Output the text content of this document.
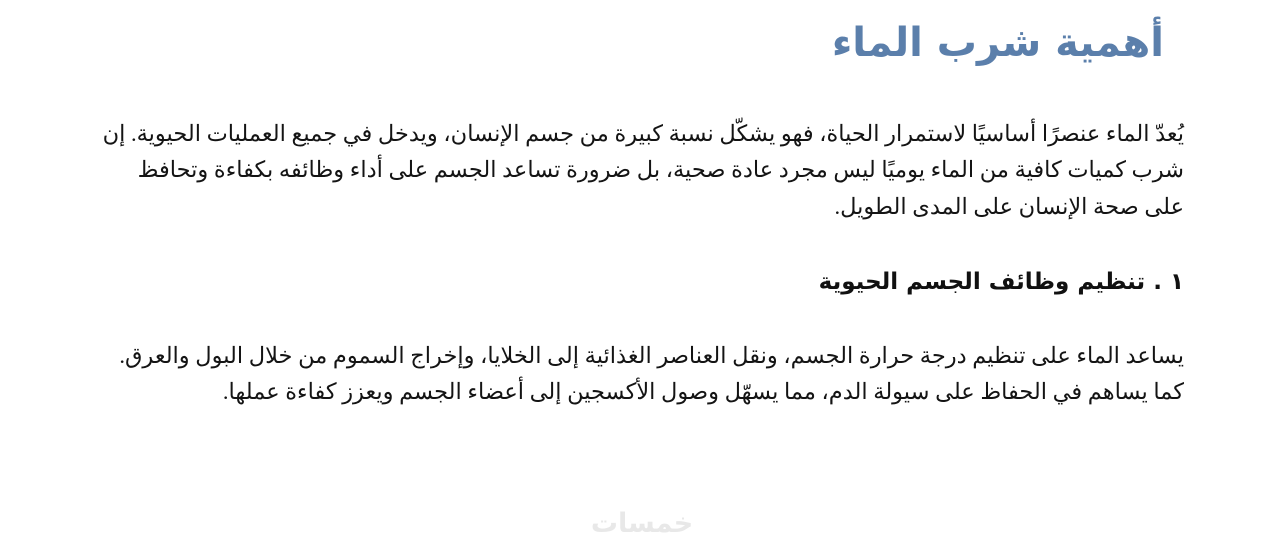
أهمية شرب الماء

يُعدّ الماء عنصرًا أساسيًا لاستمرار الحياة، فهو يشكّل نسبة كبيرة من جسم الإنسان، ويدخل في جميع العمليات الحيوية. إن شرب كميات كافية من الماء يوميًا ليس مجرد عادة صحية، بل ضرورة تساعد الجسم على أداء وظائفه بكفاءة وتحافظ على صحة الإنسان على المدى الطويل.

١ . تنظيم وظائف الجسم الحيوية

يساعد الماء على تنظيم درجة حرارة الجسم، ونقل العناصر الغذائية إلى الخلايا، وإخراج السموم من خلال البول والعرق. كما يساهم في الحفاظ على سيولة الدم، مما يسهّل وصول الأكسجين إلى أعضاء الجسم ويعزز كفاءة عملها.

خمسات
